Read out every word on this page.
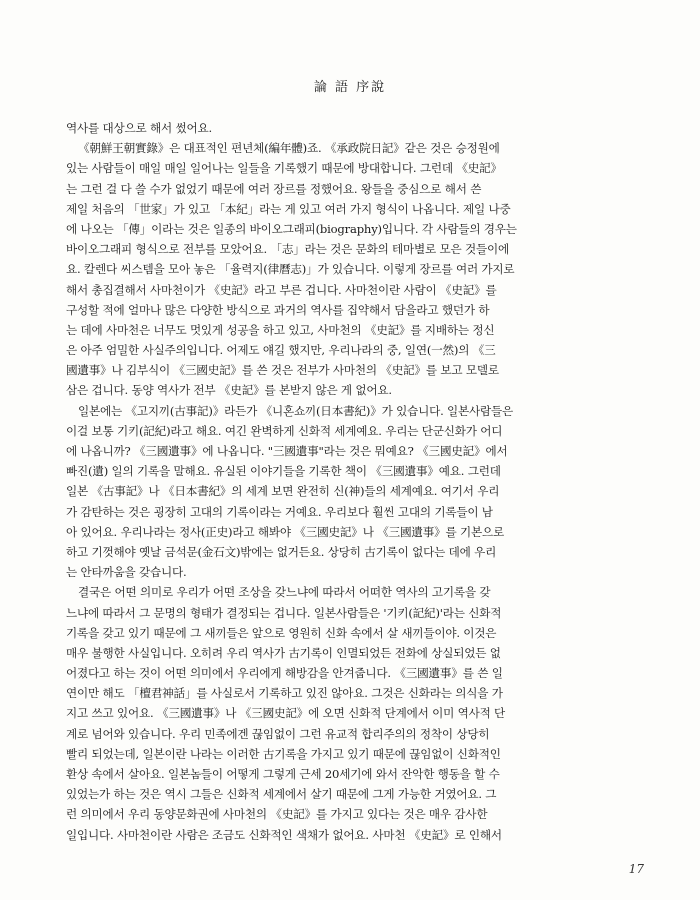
論 語 序說
역사를 대상으로 해서 썼어요.
《朝鮮王朝實錄》은 대표적인 편년체(編年體)죠. 《承政院日記》같은 것은 승정원에
있는 사람들이 매일 매일 일어나는 일들을 기록했기 때문에 방대합니다. 그런데 《史記》
는 그런 걸 다 쓸 수가 없었기 때문에 여러 장르를 정했어요. 왕들을 중심으로 해서 쓴
제일 처음의 「世家」가 있고 「本紀」라는 게 있고 여러 가지 형식이 나옵니다. 제일 나중
에 나오는 「傳」이라는 것은 일종의 바이오그래피(biography)입니다. 각 사람들의 경우는
바이오그래피 형식으로 전부를 모았어요. 「志」라는 것은 문화의 테마별로 모은 것들이에
요. 칼렌다 씨스템을 모아 놓은 「율력지(律曆志)」가 있습니다. 이렇게 장르를 여러 가지로
해서 총집결해서 사마천이가 《史記》라고 부른 겁니다. 사마천이란 사람이 《史記》를
구성할 적에 얼마나 많은 다양한 방식으로 과거의 역사를 집약해서 담을라고 했던가 하
는 데에 사마천은 너무도 멋있게 성공을 하고 있고, 사마천의 《史記》를 지배하는 정신
은 아주 엄밀한 사실주의입니다. 어제도 얘길 했지만, 우리나라의 중, 일연(一然)의 《三
國遺事》나 김부식이 《三國史記》를 쓴 것은 전부가 사마천의 《史記》를 보고 모델로
삼은 겁니다. 동양 역사가 전부 《史記》를 본받지 않은 게 없어요.
일본에는 《고지끼(古事記)》라든가 《니혼쇼끼(日本書紀)》가 있습니다. 일본사람들은
이걸 보통 기키(記紀)라고 해요. 여긴 완벽하게 신화적 세계예요. 우리는 단군신화가 어디
에 나옵니까? 《三國遺事》에 나옵니다. "三國遺事"라는 것은 뭐예요? 《三國史記》에서
빠진(遺) 일의 기록을 말해요. 유실된 이야기들을 기록한 책이 《三國遺事》예요. 그런데
일본 《古事記》나 《日本書紀》의 세계 보면 완전히 신(神)들의 세계예요. 여기서 우리
가 감탄하는 것은 굉장히 고대의 기록이라는 거예요. 우리보다 훨씬 고대의 기록들이 남
아 있어요. 우리나라는 정사(正史)라고 해봐야 《三國史記》나 《三國遺事》를 기본으로
하고 기껏해야 옛날 금석문(金石文)밖에는 없거든요. 상당히 古기록이 없다는 데에 우리
는 안타까움을 갖습니다.
결국은 어떤 의미로 우리가 어떤 조상을 갖느냐에 따라서 어떠한 역사의 고기록을 갖
느냐에 따라서 그 문명의 형태가 결정되는 겁니다. 일본사람들은 '기키(記紀)'라는 신화적
기록을 갖고 있기 때문에 그 새끼들은 앞으로 영원히 신화 속에서 살 새끼들이야. 이것은
매우 불행한 사실입니다. 오히려 우리 역사가 古기록이 인멸되었든 전화에 상실되었든 없
어졌다고 하는 것이 어떤 의미에서 우리에게 해방감을 안겨줍니다. 《三國遺事》를 쓴 일
연이만 해도 「檀君神話」를 사실로서 기록하고 있진 않아요. 그것은 신화라는 의식을 가
지고 쓰고 있어요. 《三國遺事》나 《三國史記》에 오면 신화적 단계에서 이미 역사적 단
계로 넘어와 있습니다. 우리 민족에겐 끊임없이 그런 유교적 합리주의의 정착이 상당히
빨리 되었는데, 일본이란 나라는 이러한 古기록을 가지고 있기 때문에 끊임없이 신화적인
환상 속에서 살아요. 일본놈들이 어떻게 그렇게 근세 20세기에 와서 잔악한 행동을 할 수
있었는가 하는 것은 역시 그들은 신화적 세계에서 살기 때문에 그게 가능한 거였어요. 그
런 의미에서 우리 동양문화권에 사마천의 《史記》를 가지고 있다는 것은 매우 감사한
일입니다. 사마천이란 사람은 조금도 신화적인 색채가 없어요. 사마천 《史記》로 인해서
17
